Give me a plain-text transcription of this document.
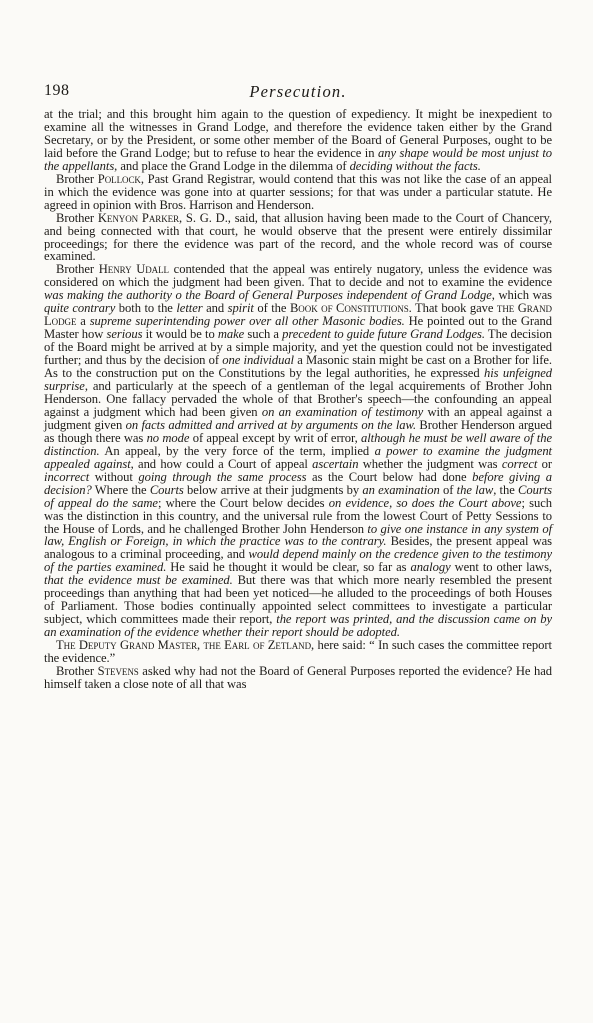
198	Persecution.

at the trial; and this brought him again to the question of expediency. It might be inexpedient to examine all the witnesses in Grand Lodge, and therefore the evidence taken either by the Grand Secretary, or by the President, or some other member of the Board of General Purposes, ought to be laid before the Grand Lodge; but to refuse to hear the evidence in any shape would be most unjust to the appellants, and place the Grand Lodge in the dilemma of deciding without the facts.

Brother Pollock, Past Grand Registrar, would contend that this was not like the case of an appeal in which the evidence was gone into at quarter sessions; for that was under a particular statute. He agreed in opinion with Bros. Harrison and Henderson.

Brother Kenyon Parker, S. G. D., said, that allusion having been made to the Court of Chancery, and being connected with that court, he would observe that the present were entirely dissimilar proceedings; for there the evidence was part of the record, and the whole record was of course examined.

Brother Henry Udall contended that the appeal was entirely nugatory, unless the evidence was considered on which the judgment had been given. That to decide and not to examine the evidence was making the authority o the Board of General Purposes independent of Grand Lodge, which was quite contrary both to the letter and spirit of the Book of Constitutions. That book gave the Grand Lodge a supreme superintending power over all other Masonic bodies. He pointed out to the Grand Master how serious it would be to make such a precedent to guide future Grand Lodges. The decision of the Board might be arrived at by a simple majority, and yet the question could not be investigated further; and thus by the decision of one individual a Masonic stain might be cast on a Brother for life. As to the construction put on the Constitutions by the legal authorities, he expressed his unfeigned surprise, and particularly at the speech of a gentleman of the legal acquirements of Brother John Henderson. One fallacy pervaded the whole of that Brother's speech—the confounding an appeal against a judgment which had been given on an examination of testimony with an appeal against a judgment given on facts admitted and arrived at by arguments on the law. Brother Henderson argued as though there was no mode of appeal except by writ of error, although he must be well aware of the distinction. An appeal, by the very force of the term, implied a power to examine the judgment appealed against, and how could a Court of appeal ascertain whether the judgment was correct or incorrect without going through the same process as the Court below had done before giving a decision? Where the Courts below arrive at their judgments by an examination of the law, the Courts of appeal do the same; where the Court below decides on evidence, so does the Court above; such was the distinction in this country, and the universal rule from the lowest Court of Petty Sessions to the House of Lords, and he challenged Brother John Henderson to give one instance in any system of law, English or Foreign, in which the practice was to the contrary. Besides, the present appeal was analogous to a criminal proceeding, and would depend mainly on the credence given to the testimony of the parties examined. He said he thought it would be clear, so far as analogy went to other laws, that the evidence must be examined. But there was that which more nearly resembled the present proceedings than anything that had been yet noticed—he alluded to the proceedings of both Houses of Parliament. Those bodies continually appointed select committees to investigate a particular subject, which committees made their report, the report was printed, and the discussion came on by an examination of the evidence whether their report should be adopted.

The Deputy Grand Master, the Earl of Zetland, here said: “ In such cases the committee report the evidence.”

Brother Stevens asked why had not the Board of General Purposes reported the evidence? He had himself taken a close note of all that was
